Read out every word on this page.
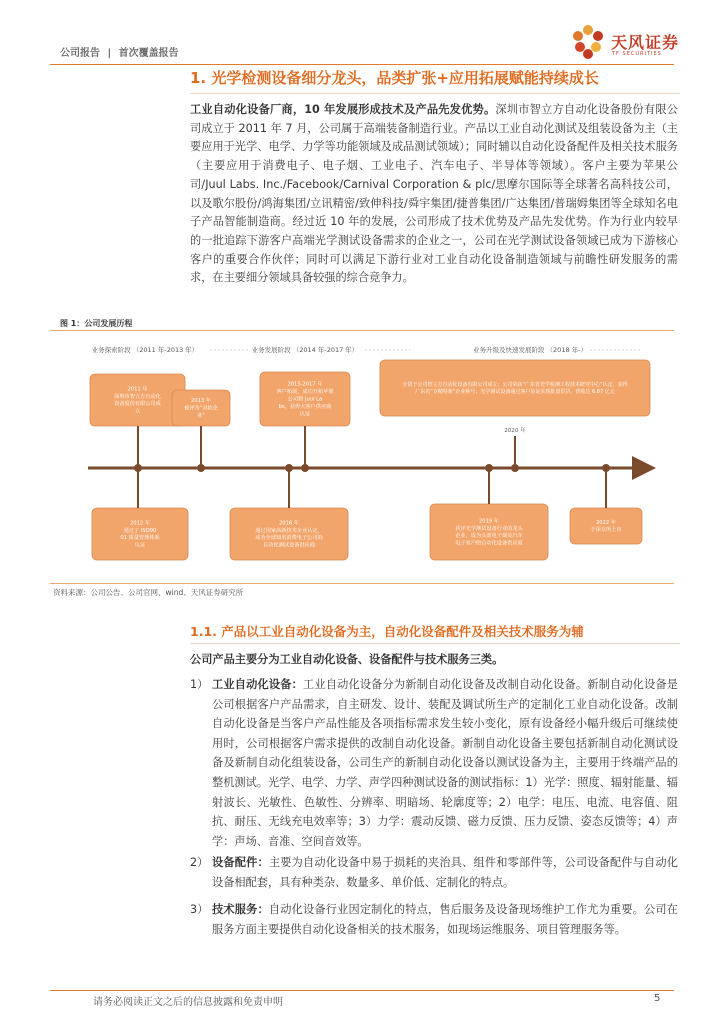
公司报告 | 首次覆盖报告
天风证券
TF SECURITIES
1. 光学检测设备细分龙头，品类扩张+应用拓展赋能持续成长
工业自动化设备厂商，10 年发展形成技术及产品先发优势。深圳市智立方自动化设备股份有限公司成立于 2011 年 7 月，公司属于高端装备制造行业。产品以工业自动化测试及组装设备为主（主要应用于光学、电学、力学等功能领域及成品测试领域）；同时辅以自动化设备配件及相关技术服务（主要应用于消费电子、电子烟、工业电子、汽车电子、半导体等领域）。客户主要为苹果公司/Juul Labs. Inc./Facebook/Carnival Corporation & plc/思摩尔国际等全球著名高科技公司，以及歌尔股份/鸿海集团/立讯精密/致伸科技/舜宇集团/捷普集团/广达集团/普瑞姆集团等全球知名电子产品智能制造商。经过近 10 年的发展，公司形成了技术优势及产品先发优势。作为行业内较早的一批追踪下游客户高端光学测试设备需求的企业之一，公司在光学测试设备领域已成为下游核心客户的重要合作伙伴；同时可以满足下游行业对工业自动化设备制造领域与前瞻性研发服务的需求，在主要细分领域具备较强的综合竞争力。
图 1：公司发展历程
业务探索阶段 （2011 年-2013 年）	业务发展阶段 （2014 年-2017 年）	业务升级及快速发展阶段 （2018 年-）
2011 年深圳市智立方自动化设备股份有限公司成立
2013 年被评为“双软企业”
2015-2017 年客户拓展，成功开拓苹果公司和 Juul La bs，获得大客户供应商认证
全资子公司智立方自动化设备有限公司成立；公司荣获“广东省光学检测工程技术研究中心”认定，获得广东省“专精特新”企业称号；光学测试设备通过客户验证实现批量供货，营收达 6.87 亿元
2020 年
2012 年通过了 ISO90 01 质量管理体系认证
2016 年通过国家高新技术企业认定，成为全球知名消费电子公司的自动化测试设备供应商
2019 年获评光学测试设备行业的龙头企业，成为头部电子烟及汽车电子客户的自动化设备供应商
2022 年于深交所上市
资料来源：公司公告、公司官网、wind、天风证券研究所
1.1. 产品以工业自动化设备为主，自动化设备配件及相关技术服务为辅
公司产品主要分为工业自动化设备、设备配件与技术服务三类。
1） 工业自动化设备：工业自动化设备分为新制自动化设备及改制自动化设备。新制自动化设备是公司根据客户产品需求，自主研发、设计、装配及调试所生产的定制化工业自动化设备。改制自动化设备是当客户产品性能及各项指标需求发生较小变化，原有设备经小幅升级后可继续使用时，公司根据客户需求提供的改制自动化设备。新制自动化设备主要包括新制自动化测试设备及新制自动化组装设备，公司生产的新制自动化设备以测试设备为主，主要用于终端产品的整机测试。光学、电学、力学、声学四种测试设备的测试指标：1）光学：照度、辐射能量、辐射波长、光敏性、色敏性、分辨率、明暗场、轮廓度等；2）电学：电压、电流、电容值、阻抗、耐压、无线充电效率等；3）力学：震动反馈、磁力反馈、压力反馈、姿态反馈等；4）声学：声场、音准、空间音效等。
2） 设备配件：主要为自动化设备中易于损耗的夹治具、组件和零部件等，公司设备配件与自动化设备相配套，具有种类杂、数量多、单价低、定制化的特点。
3） 技术服务：自动化设备行业因定制化的特点，售后服务及设备现场维护工作尤为重要。公司在服务方面主要提供自动化设备相关的技术服务，如现场运维服务、项目管理服务等。
请务必阅读正文之后的信息披露和免责申明	5
